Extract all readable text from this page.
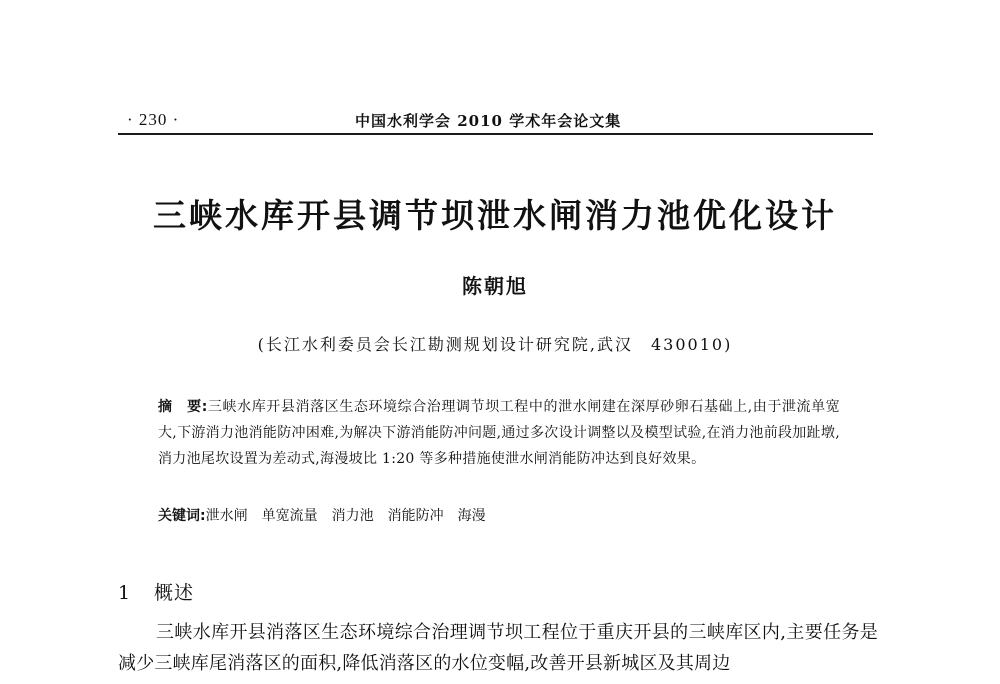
· 230 ·	中国水利学会 2010 学术年会论文集
三峡水库开县调节坝泄水闸消力池优化设计
陈朝旭
(长江水利委员会长江勘测规划设计研究院,武汉　430010)
摘　要:三峡水库开县消落区生态环境综合治理调节坝工程中的泄水闸建在深厚砂卵石基础上,由于泄流单宽大,下游消力池消能防冲困难,为解决下游消能防冲问题,通过多次设计调整以及模型试验,在消力池前段加趾墩,消力池尾坎设置为差动式,海漫坡比 1:20 等多种措施使泄水闸消能防冲达到良好效果。
关键词:泄水闸　单宽流量　消力池　消能防冲　海漫
1 概述
三峡水库开县消落区生态环境综合治理调节坝工程位于重庆开县的三峡库区内,主要任务是减少三峡库尾消落区的面积,降低消落区的水位变幅,改善开县新城区及其周边
